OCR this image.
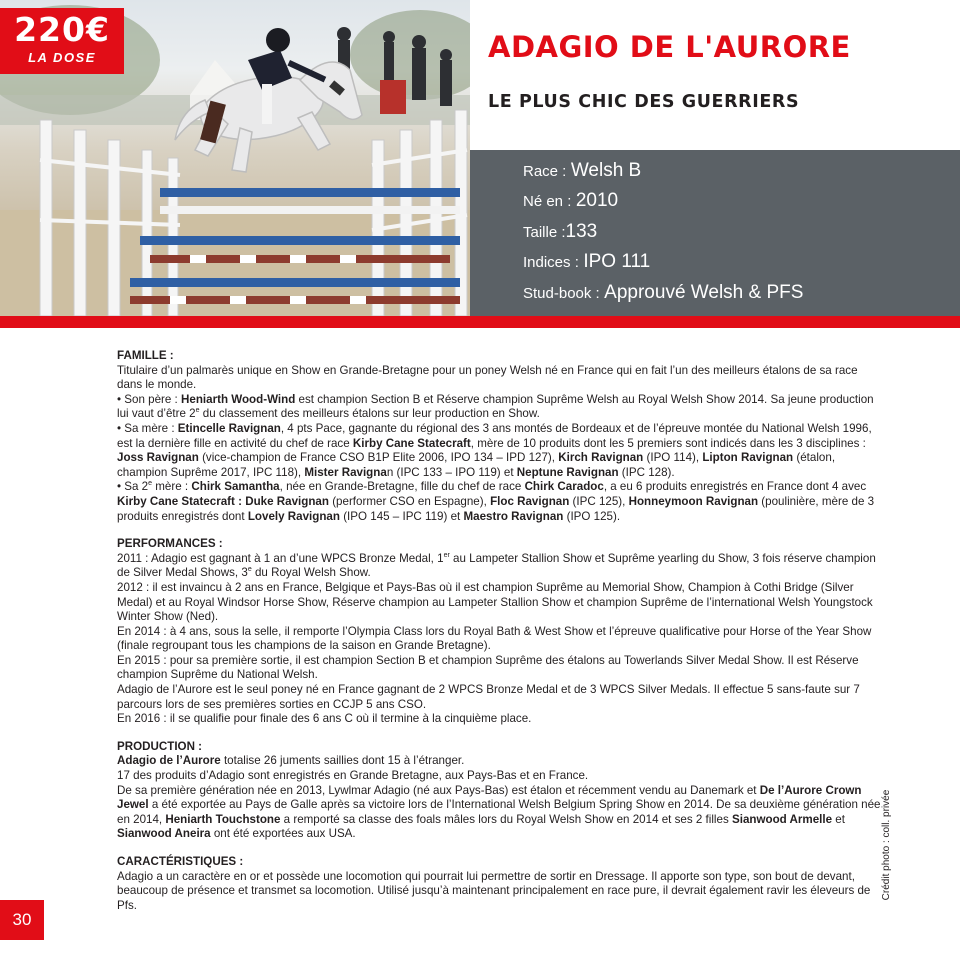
220€
LA DOSE	ADAGIO DE L'AURORE
LE PLUS CHIC DES GUERRIERS
Race : Welsh B
Né en : 2010
Taille :133
Indices : IPO 111
Stud-book : Approuvé Welsh & PFS
FAMILLE :

Titulaire d’un palmarès unique en Show en Grande-Bretagne pour un poney Welsh né en France qui en fait l’un des meilleurs étalons de sa race dans le monde.

• Son père : Heniarth Wood-Wind est champion Section B et Réserve champion Suprême Welsh au Royal Welsh Show 2014. Sa jeune production lui vaut d’être 2e du classement des meilleurs étalons sur leur production en Show.

• Sa mère : Etincelle Ravignan, 4 pts Pace, gagnante du régional des 3 ans montés de Bordeaux et de l’épreuve montée du National Welsh 1996, est la dernière fille en activité du chef de race Kirby Cane Statecraft, mère de 10 produits dont les 5 premiers sont indicés dans les 3 disciplines : Joss Ravignan (vice-champion de France CSO B1P Elite 2006, IPO 134 – IPD 127), Kirch Ravignan (IPO 114), Lipton Ravignan (étalon, champion Suprême 2017, IPC 118), Mister Ravignan (IPC 133 – IPO 119) et Neptune Ravignan (IPC 128).

• Sa 2e mère : Chirk Samantha, née en Grande-Bretagne, fille du chef de race Chirk Caradoc, a eu 6 produits enregistrés en France dont 4 avec Kirby Cane Statecraft : Duke Ravignan (performer CSO en Espagne), Floc Ravignan (IPC 125), Honneymoon Ravignan (poulinière, mère de 3 produits enregistrés dont Lovely Ravignan (IPO 145 – IPC 119) et Maestro Ravignan (IPO 125).

PERFORMANCES :

2011 : Adagio est gagnant à 1 an d’une WPCS Bronze Medal, 1er au Lampeter Stallion Show et Suprême yearling du Show, 3 fois réserve champion de Silver Medal Shows, 3e du Royal Welsh Show.

2012 : il est invaincu à 2 ans en France, Belgique et Pays-Bas où il est champion Suprême au Memorial Show, Champion à Cothi Bridge (Silver Medal) et au Royal Windsor Horse Show, Réserve champion au Lampeter Stallion Show et champion Suprême de l’international Welsh Youngstock Winter Show (Ned).

En 2014 : à 4 ans, sous la selle, il remporte l’Olympia Class lors du Royal Bath & West Show et l’épreuve qualificative pour Horse of the Year Show (finale regroupant tous les champions de la saison en Grande Bretagne).

En 2015 : pour sa première sortie, il est champion Section B et champion Suprême des étalons au Towerlands Silver Medal Show. Il est Réserve champion Suprême du National Welsh.

Adagio de l’Aurore est le seul poney né en France gagnant de 2 WPCS Bronze Medal et de 3 WPCS Silver Medals. Il effectue 5 sans-faute sur 7 parcours lors de ses premières sorties en CCJP 5 ans CSO.

En 2016 : il se qualifie pour finale des 6 ans C où il termine à la cinquième place.

PRODUCTION :

Adagio de l’Aurore totalise 26 juments saillies dont 15 à l’étranger.

17 des produits d’Adagio sont enregistrés en Grande Bretagne, aux Pays-Bas et en France.

De sa première génération née en 2013, Lywlmar Adagio (né aux Pays-Bas) est étalon et récemment vendu au Danemark et De l’Aurore Crown Jewel a été exportée au Pays de Galle après sa victoire lors de l’International Welsh Belgium Spring Show en 2014. De sa deuxième génération née en 2014, Heniarth Touchstone a remporté sa classe des foals mâles lors du Royal Welsh Show en 2014 et ses 2 filles Sianwood Armelle et Sianwood Aneira ont été exportées aux USA.

CARACTÉRISTIQUES :

Adagio a un caractère en or et possède une locomotion qui pourrait lui permettre de sortir en Dressage. Il apporte son type, son bout de devant, beaucoup de présence et transmet sa locomotion. Utilisé jusqu’à maintenant principalement en race pure, il devrait également ravir les éleveurs de Pfs.

Crédit photo : coll. privée
30
